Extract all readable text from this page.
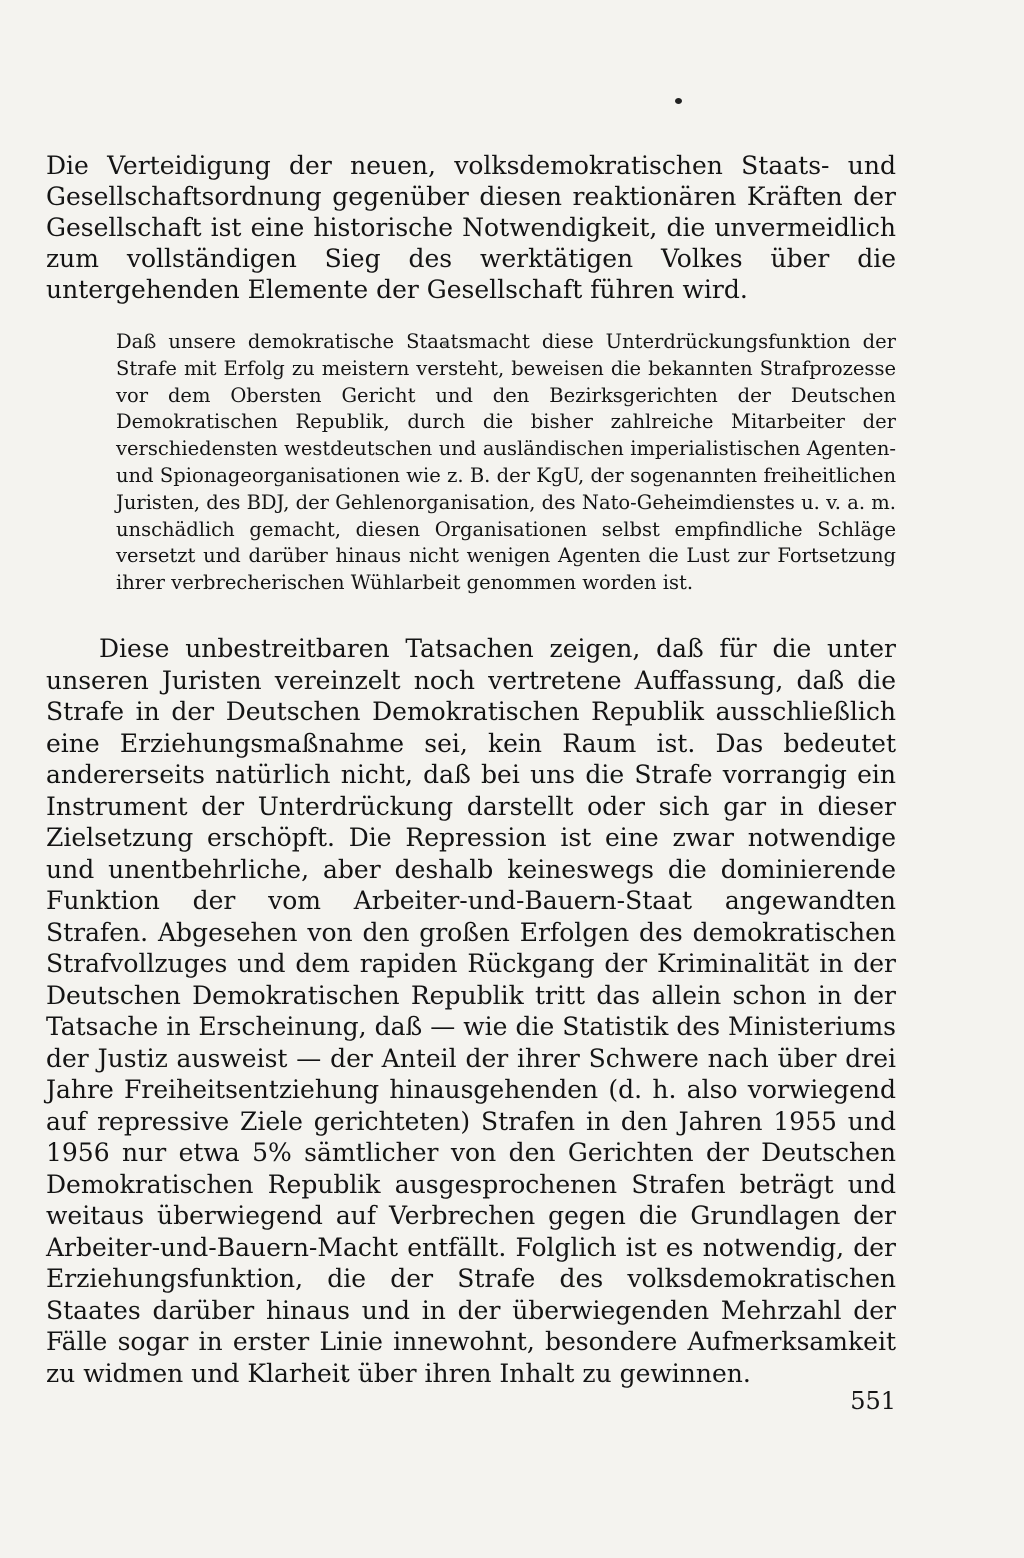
Die Verteidigung der neuen, volksdemokratischen Staats- und Gesellschaftsordnung gegenüber diesen reaktionären Kräften der Gesellschaft ist eine historische Notwendigkeit, die unvermeidlich zum vollständigen Sieg des werktätigen Volkes über die untergehenden Elemente der Gesellschaft führen wird.

Daß unsere demokratische Staatsmacht diese Unterdrückungsfunktion der Strafe mit Erfolg zu meistern versteht, beweisen die bekannten Strafprozesse vor dem Obersten Gericht und den Bezirksgerichten der Deutschen Demokratischen Republik, durch die bisher zahlreiche Mitarbeiter der verschiedensten westdeutschen und ausländischen imperialistischen Agenten- und Spionageorganisationen wie z. B. der KgU, der sogenannten freiheitlichen Juristen, des BDJ, der Gehlenorganisation, des Nato-Geheimdienstes u. v. a. m. unschädlich gemacht, diesen Organisationen selbst empfindliche Schläge versetzt und darüber hinaus nicht wenigen Agenten die Lust zur Fortsetzung ihrer verbrecherischen Wühlarbeit genommen worden ist.

Diese unbestreitbaren Tatsachen zeigen, daß für die unter unseren Juristen vereinzelt noch vertretene Auffassung, daß die Strafe in der Deutschen Demokratischen Republik ausschließlich eine Erziehungsmaßnahme sei, kein Raum ist. Das bedeutet andererseits natürlich nicht, daß bei uns die Strafe vorrangig ein Instrument der Unterdrückung darstellt oder sich gar in dieser Zielsetzung erschöpft. Die Repression ist eine zwar notwendige und unentbehrliche, aber deshalb keineswegs die dominierende Funktion der vom Arbeiter-und-Bauern-Staat angewandten Strafen. Abgesehen von den großen Erfolgen des demokratischen Strafvollzuges und dem rapiden Rückgang der Kriminalität in der Deutschen Demokratischen Republik tritt das allein schon in der Tatsache in Erscheinung, daß — wie die Statistik des Ministeriums der Justiz ausweist — der Anteil der ihrer Schwere nach über drei Jahre Freiheitsentziehung hinausgehenden (d. h. also vorwiegend auf repressive Ziele gerichteten) Strafen in den Jahren 1955 und 1956 nur etwa 5% sämtlicher von den Gerichten der Deutschen Demokratischen Republik ausgesprochenen Strafen beträgt und weitaus überwiegend auf Verbrechen gegen die Grundlagen der Arbeiter-und-Bauern-Macht entfällt. Folglich ist es notwendig, der Erziehungsfunktion, die der Strafe des volksdemokratischen Staates darüber hinaus und in der überwiegenden Mehrzahl der Fälle sogar in erster Linie innewohnt, besondere Aufmerksamkeit zu widmen und Klarheit über ihren Inhalt zu gewinnen.

551
